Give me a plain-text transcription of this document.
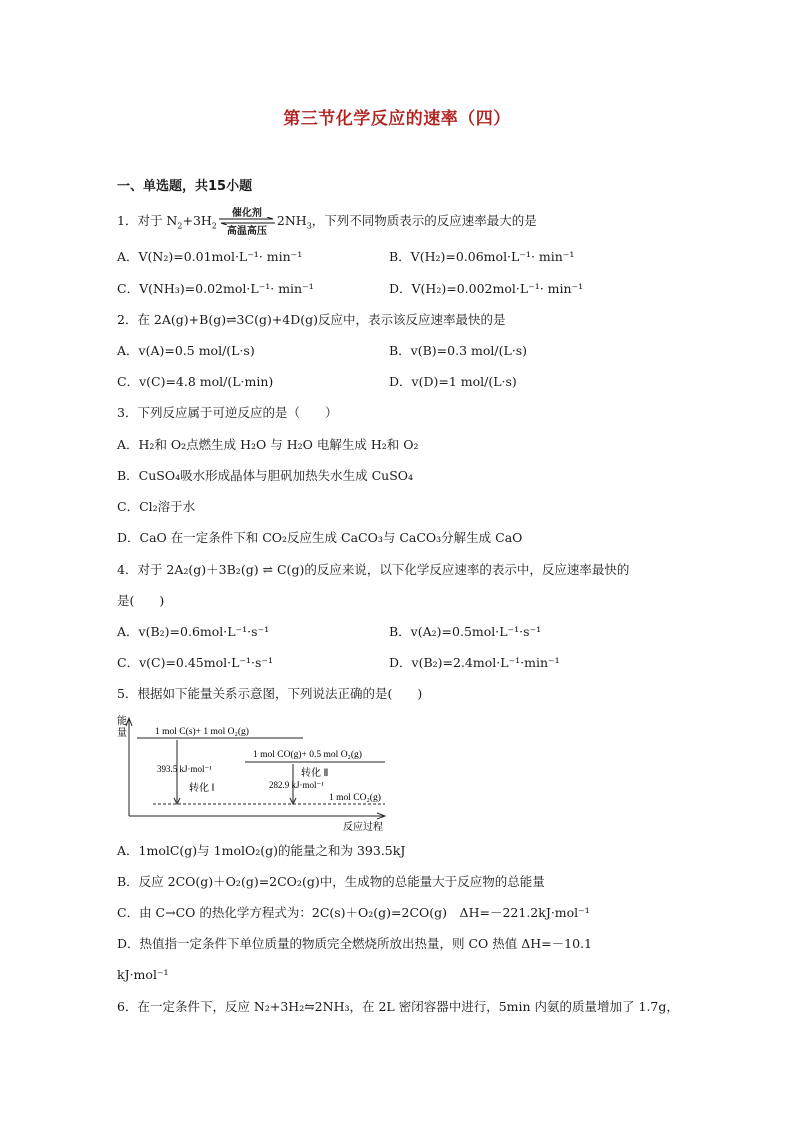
第三节化学反应的速率（四）
一、单选题，共15小题
1．对于 $N_2+3H_2$
催化剂
高温高压
$2NH_3$，下列不同物质表示的反应速率最大的是
A．V(N₂)=0.01mol·L⁻¹· min⁻¹	B．V(H₂)=0.06mol·L⁻¹· min⁻¹
C．V(NH₃)=0.02mol·L⁻¹· min⁻¹	D．V(H₂)=0.002mol·L⁻¹· min⁻¹
2．在 2A(g)+B(g)⇌3C(g)+4D(g)反应中，表示该反应速率最快的是
A．v(A)=0.5 mol/(L·s)	B．v(B)=0.3 mol/(L·s)
C．v(C)=4.8 mol/(L·min)	D．v(D)=1 mol/(L·s)
3．下列反应属于可逆反应的是（　　）
A．H₂和 O₂点燃生成 H₂O 与 H₂O 电解生成 H₂和 O₂
B．CuSO₄吸水形成晶体与胆矾加热失水生成 CuSO₄
C．Cl₂溶于水
D．CaO 在一定条件下和 CO₂反应生成 CaCO₃与 CaCO₃分解生成 CaO
4．对于 2A₂(g)＋3B₂(g) ⇌ C(g)的反应来说，以下化学反应速率的表示中，反应速率最快的
是(　　)
A．v(B₂)=0.6mol·L⁻¹·s⁻¹	B．v(A₂)=0.5mol·L⁻¹·s⁻¹
C．v(C)=0.45mol·L⁻¹·s⁻¹	D．v(B₂)=2.4mol·L⁻¹·min⁻¹
5．根据如下能量关系示意图，下列说法正确的是(　　)
能
量
反应过程
1 mol C(s)+ 1 mol O₂(g)
1 mol CO(g)+ 0.5 mol O₂(g)
1 mol CO₂(g)
393.5 kJ·mol⁻¹
转化 Ⅰ
转化 Ⅱ
282.9 kJ·mol⁻¹
A．1molC(g)与 1molO₂(g)的能量之和为 393.5kJ
B．反应 2CO(g)＋O₂(g)=2CO₂(g)中，生成物的总能量大于反应物的总能量
C．由 C→CO 的热化学方程式为：2C(s)＋O₂(g)=2CO(g)　ΔH=－221.2kJ·mol⁻¹
D．热值指一定条件下单位质量的物质完全燃烧所放出热量，则 CO 热值 ΔH=－10.1
kJ·mol⁻¹
6．在一定条件下，反应 N₂+3H₂⇋2NH₃，在 2L 密闭容器中进行，5min 内氨的质量增加了 1.7g，
